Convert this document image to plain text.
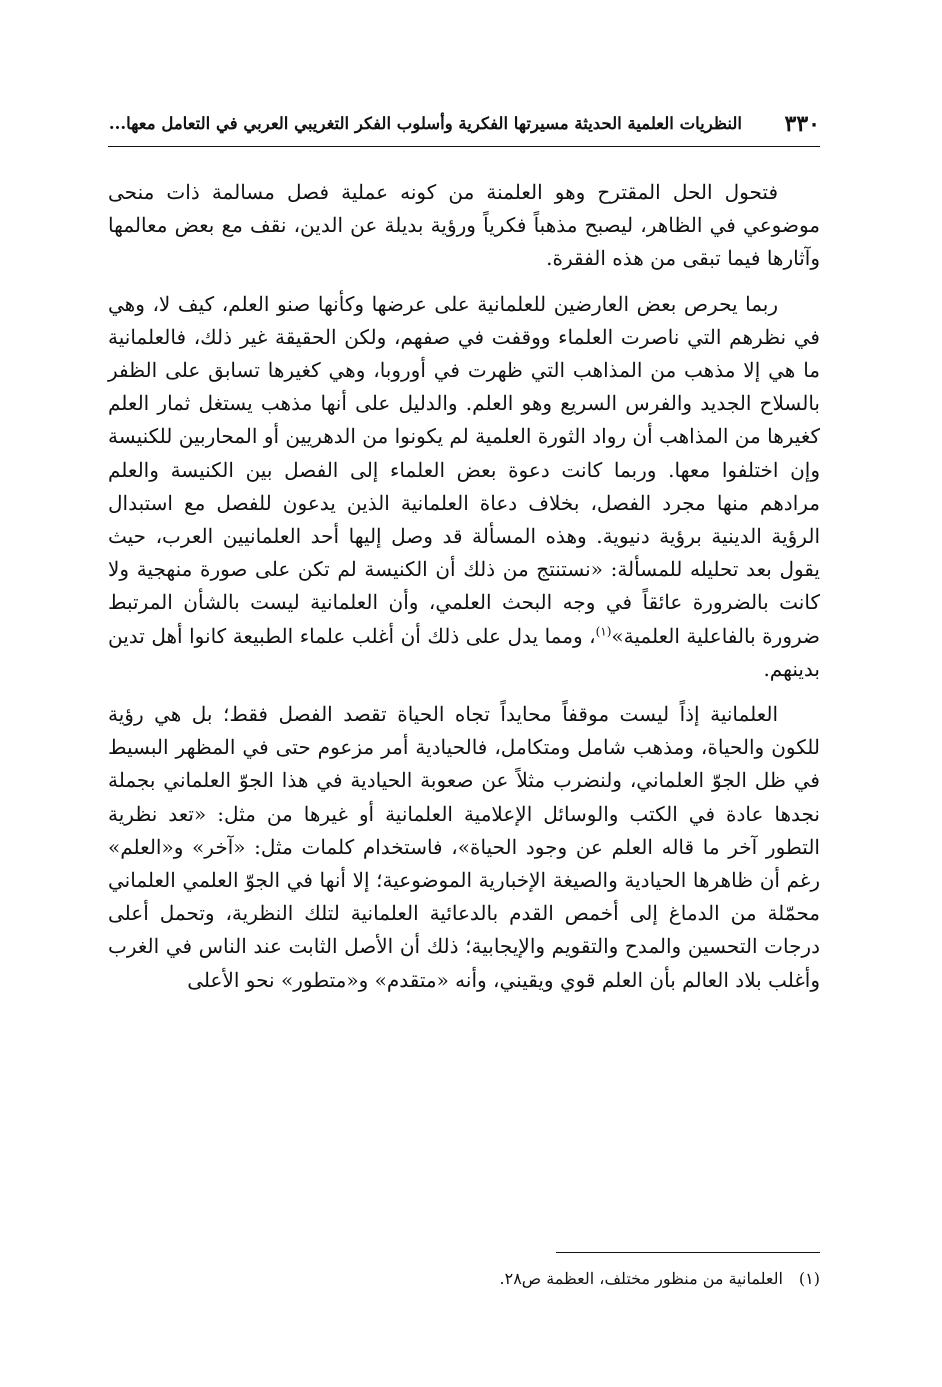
٣٣٠
النظريات العلمية الحديثة مسيرتها الفكرية وأسلوب الفكر التغريبي العربي في التعامل معها...

فتحول الحل المقترح وهو العلمنة من كونه عملية فصل مسالمة ذات منحى موضوعي في الظاهر، ليصبح مذهباً فكرياً ورؤية بديلة عن الدين، نقف مع بعض معالمها وآثارها فيما تبقى من هذه الفقرة.

ربما يحرص بعض العارضين للعلمانية على عرضها وكأنها صنو العلم، كيف لا، وهي في نظرهم التي ناصرت العلماء ووقفت في صفهم، ولكن الحقيقة غير ذلك، فالعلمانية ما هي إلا مذهب من المذاهب التي ظهرت في أوروبا، وهي كغيرها تسابق على الظفر بالسلاح الجديد والفرس السريع وهو العلم. والدليل على أنها مذهب يستغل ثمار العلم كغيرها من المذاهب أن رواد الثورة العلمية لم يكونوا من الدهريين أو المحاربين للكنيسة وإن اختلفوا معها. وربما كانت دعوة بعض العلماء إلى الفصل بين الكنيسة والعلم مرادهم منها مجرد الفصل، بخلاف دعاة العلمانية الذين يدعون للفصل مع استبدال الرؤية الدينية برؤية دنيوية. وهذه المسألة قد وصل إليها أحد العلمانيين العرب، حيث يقول بعد تحليله للمسألة: «نستنتج من ذلك أن الكنيسة لم تكن على صورة منهجية ولا كانت بالضرورة عائقاً في وجه البحث العلمي، وأن العلمانية ليست بالشأن المرتبط ضرورة بالفاعلية العلمية»$^{(١)}$، ومما يدل على ذلك أن أغلب علماء الطبيعة كانوا أهل تدين بدينهم.

العلمانية إذاً ليست موقفاً محايداً تجاه الحياة تقصد الفصل فقط؛ بل هي رؤية للكون والحياة، ومذهب شامل ومتكامل، فالحيادية أمر مزعوم حتى في المظهر البسيط في ظل الجوّ العلماني، ولنضرب مثلاً عن صعوبة الحيادية في هذا الجوّ العلماني بجملة نجدها عادة في الكتب والوسائل الإعلامية العلمانية أو غيرها من مثل: «تعد نظرية التطور آخر ما قاله العلم عن وجود الحياة»، فاستخدام كلمات مثل: «آخر» و«العلم» رغم أن ظاهرها الحيادية والصيغة الإخبارية الموضوعية؛ إلا أنها في الجوّ العلمي العلماني محمّلة من الدماغ إلى أخمص القدم بالدعائية العلمانية لتلك النظرية، وتحمل أعلى درجات التحسين والمدح والتقويم والإيجابية؛ ذلك أن الأصل الثابت عند الناس في الغرب وأغلب بلاد العالم بأن العلم قوي ويقيني، وأنه «متقدم» و«متطور» نحو الأعلى

(١)العلمانية من منظور مختلف، العظمة ص٢٨.
